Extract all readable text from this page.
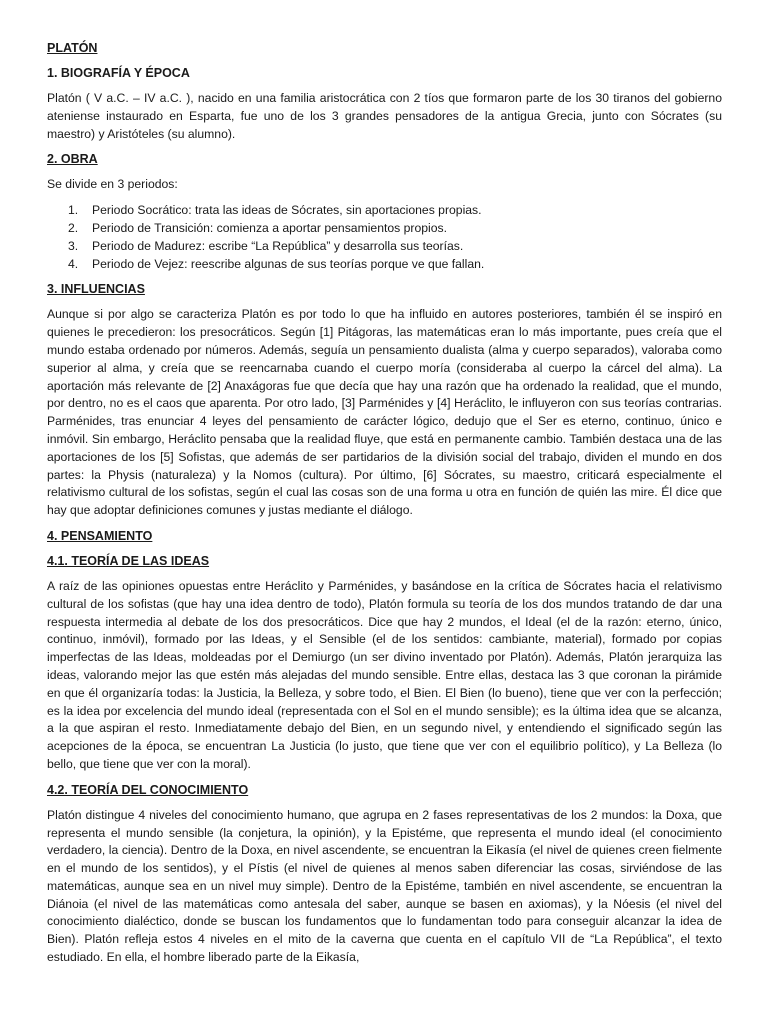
PLATÓN
1. BIOGRAFÍA Y ÉPOCA
Platón ( V a.C. – IV a.C. ), nacido en una familia aristocrática con 2 tíos que formaron parte de los 30 tiranos del gobierno ateniense instaurado en Esparta, fue uno de los 3 grandes pensadores de la antigua Grecia, junto con Sócrates (su maestro) y Aristóteles (su alumno).
2. OBRA
Se divide en 3 periodos:
1.	Periodo Socrático: trata las ideas de Sócrates, sin aportaciones propias.
2.	Periodo de Transición: comienza a aportar pensamientos propios.
3.	Periodo de Madurez: escribe “La República” y desarrolla sus teorías.
4.	Periodo de Vejez: reescribe algunas de sus teorías porque ve que fallan.
3. INFLUENCIAS
Aunque si por algo se caracteriza Platón es por todo lo que ha influido en autores posteriores, también él se inspiró en quienes le precedieron: los presocráticos. Según [1] Pitágoras, las matemáticas eran lo más importante, pues creía que el mundo estaba ordenado por números. Además, seguía un pensamiento dualista (alma y cuerpo separados), valoraba como superior al alma, y creía que se reencarnaba cuando el cuerpo moría (consideraba al cuerpo la cárcel del alma). La aportación más relevante de [2] Anaxágoras fue que decía que hay una razón que ha ordenado la realidad, que el mundo, por dentro, no es el caos que aparenta. Por otro lado, [3] Parménides y [4] Heráclito, le influyeron con sus teorías contrarias. Parménides, tras enunciar 4 leyes del pensamiento de carácter lógico, dedujo que el Ser es eterno, continuo, único e inmóvil. Sin embargo, Heráclito pensaba que la realidad fluye, que está en permanente cambio. También destaca una de las aportaciones de los [5] Sofistas, que además de ser partidarios de la división social del trabajo, dividen el mundo en dos partes: la Physis (naturaleza) y la Nomos (cultura). Por último, [6] Sócrates, su maestro, criticará especialmente el relativismo cultural de los sofistas, según el cual las cosas son de una forma u otra en función de quién las mire. Él dice que hay que adoptar definiciones comunes y justas mediante el diálogo.
4. PENSAMIENTO
4.1. TEORÍA DE LAS IDEAS
A raíz de las opiniones opuestas entre Heráclito y Parménides, y basándose en la crítica de Sócrates hacia el relativismo cultural de los sofistas (que hay una idea dentro de todo), Platón formula su teoría de los dos mundos tratando de dar una respuesta intermedia al debate de los dos presocráticos. Dice que hay 2 mundos, el Ideal (el de la razón: eterno, único, continuo, inmóvil), formado por las Ideas, y el Sensible (el de los sentidos: cambiante, material), formado por copias imperfectas de las Ideas, moldeadas por el Demiurgo (un ser divino inventado por Platón). Además, Platón jerarquiza las ideas, valorando mejor las que estén más alejadas del mundo sensible. Entre ellas, destaca las 3 que coronan la pirámide en que él organizaría todas: la Justicia, la Belleza, y sobre todo, el Bien. El Bien (lo bueno), tiene que ver con la perfección; es la idea por excelencia del mundo ideal (representada con el Sol en el mundo sensible); es la última idea que se alcanza, a la que aspiran el resto. Inmediatamente debajo del Bien, en un segundo nivel, y entendiendo el significado según las acepciones de la época, se encuentran La Justicia (lo justo, que tiene que ver con el equilibrio político), y La Belleza (lo bello, que tiene que ver con la moral).
4.2. TEORÍA DEL CONOCIMIENTO
Platón distingue 4 niveles del conocimiento humano, que agrupa en 2 fases representativas de los 2 mundos: la Doxa, que representa el mundo sensible (la conjetura, la opinión), y la Epistéme, que representa el mundo ideal (el conocimiento verdadero, la ciencia). Dentro de la Doxa, en nivel ascendente, se encuentran la Eikasía (el nivel de quienes creen fielmente en el mundo de los sentidos), y el Pístis (el nivel de quienes al menos saben diferenciar las cosas, sirviéndose de las matemáticas, aunque sea en un nivel muy simple). Dentro de la Epistéme, también en nivel ascendente, se encuentran la Diánoia (el nivel de las matemáticas como antesala del saber, aunque se basen en axiomas), y la Nóesis (el nivel del conocimiento dialéctico, donde se buscan los fundamentos que lo fundamentan todo para conseguir alcanzar la idea de Bien). Platón refleja estos 4 niveles en el mito de la caverna que cuenta en el capítulo VII de “La República”, el texto estudiado. En ella, el hombre liberado parte de la Eikasía,
